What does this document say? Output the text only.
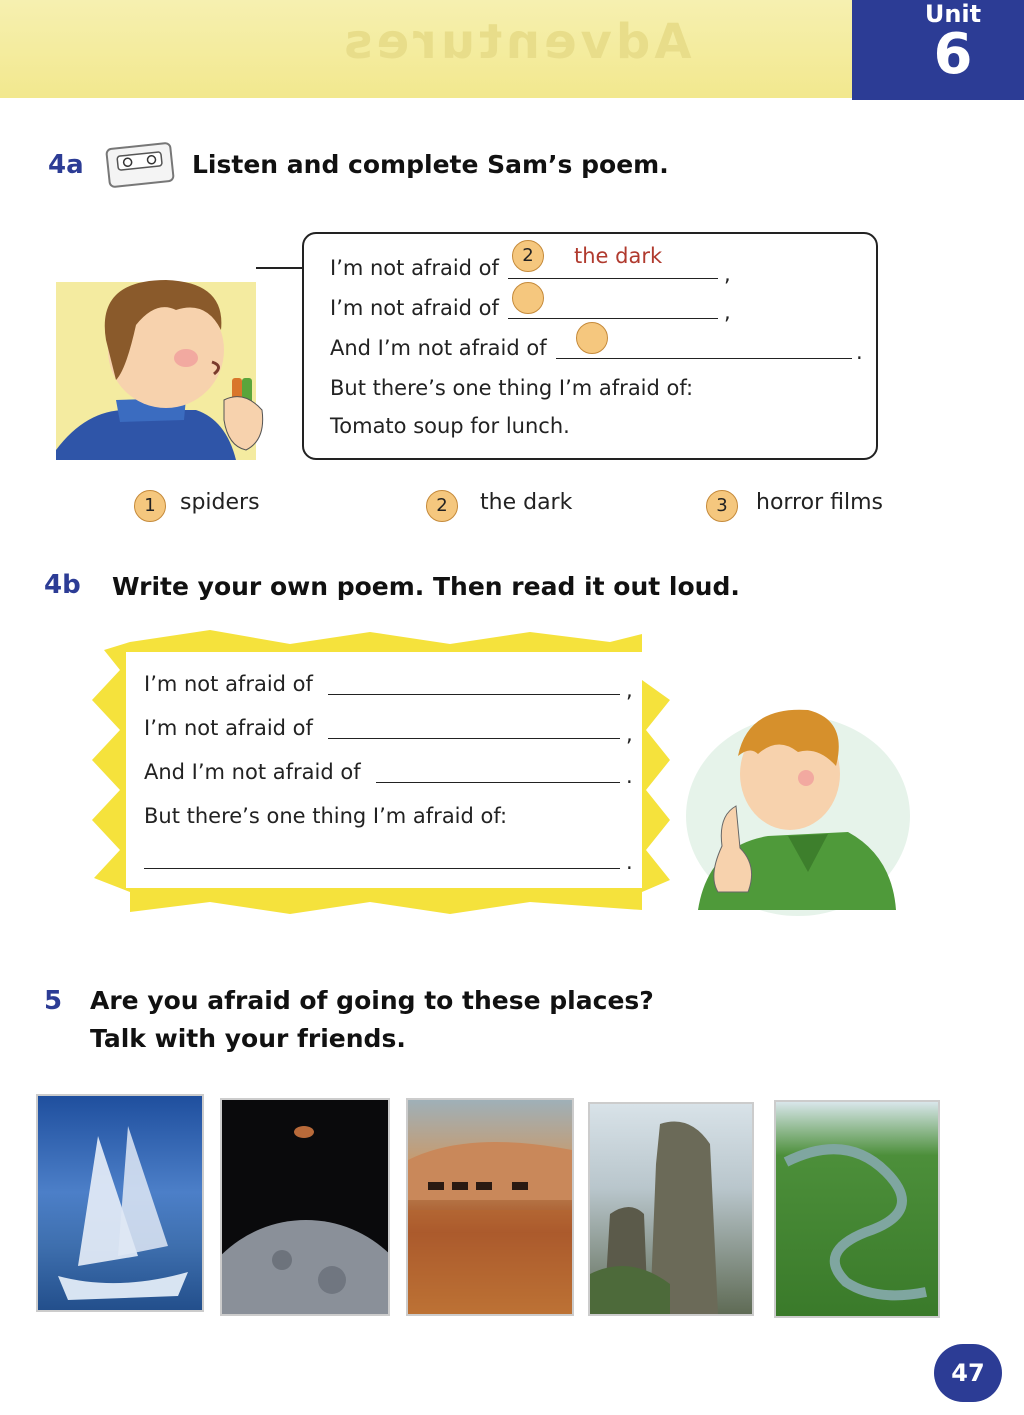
Adventures	Unit
6
4a	Listen and complete Sam’s poem.
I’m not afraid of
2	the dark
,
I’m not afraid of	,
And I’m not afraid of	.
But there’s one thing I’m afraid of:
Tomato soup for lunch.
1	spiders	2	the dark	3	horror films
4b Write your own poem. Then read it out loud.
I’m not afraid of	,
I’m not afraid of	,
And I’m not afraid of	.
But there’s one thing I’m afraid of:
.
5 Are you afraid of going to these places?
Talk with your friends.
47
